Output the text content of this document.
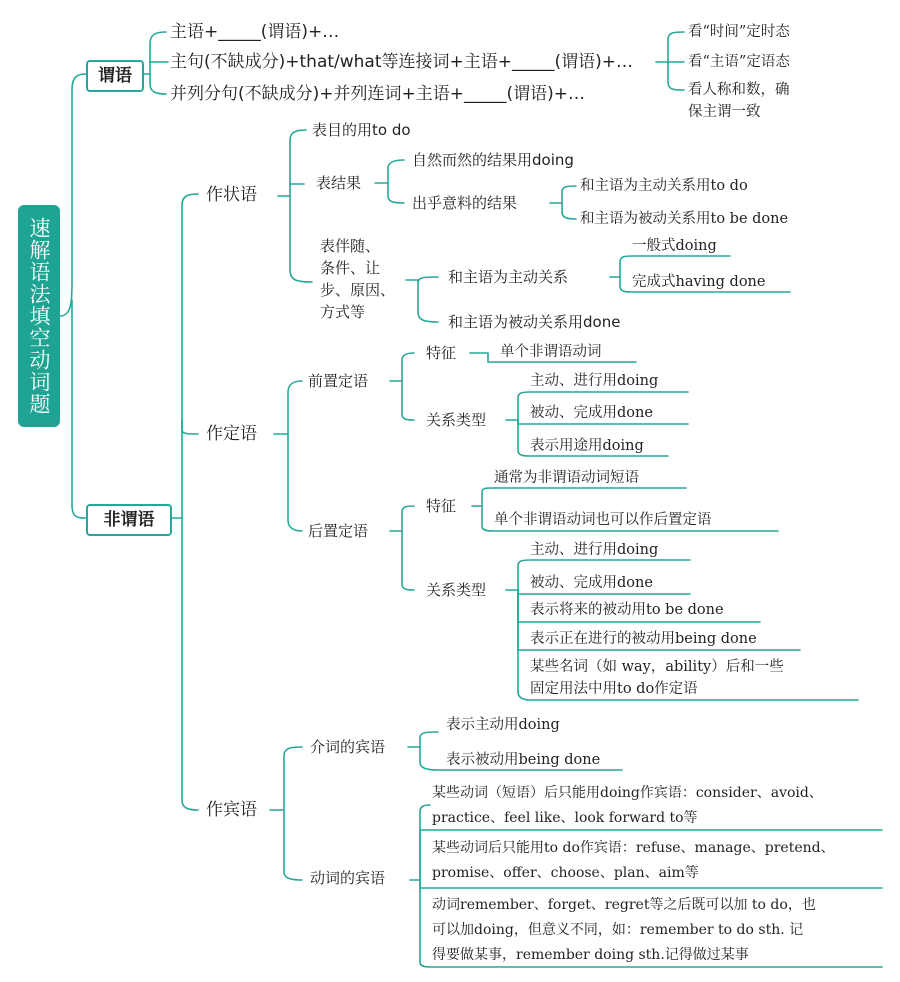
速解语法填空动词题
谓语
主语+_____(谓语)+…
主句(不缺成分)+that/what等连接词+主语+_____(谓语)+…
并列分句(不缺成分)+并列连词+主语+_____(谓语)+…
看“时间”定时态
看“主语”定语态
看人称和数，确
保主谓一致
非谓语
作状语
表目的用to do
表结果
自然而然的结果用doing
出乎意料的结果
和主语为主动关系用to do
和主语为被动关系用to be done
表伴随、
条件、让
步、原因、
方式等
和主语为主动关系
一般式doing
完成式having done
和主语为被动关系用done
作定语
前置定语
特征	单个非谓语动词
关系类型
主动、进行用doing
被动、完成用done
表示用途用doing
后置定语
特征
通常为非谓语动词短语
单个非谓语动词也可以作后置定语
关系类型
主动、进行用doing
被动、完成用done
表示将来的被动用to be done
表示正在进行的被动用being done
某些名词（如 way，ability）后和一些
固定用法中用to do作定语
作宾语
介词的宾语
表示主动用doing
表示被动用being done
动词的宾语
某些动词（短语）后只能用doing作宾语：consider、avoid、
practice、feel like、look forward to等
某些动词后只能用to do作宾语：refuse、manage、pretend、
promise、offer、choose、plan、aim等
动词remember、forget、regret等之后既可以加 to do，也
可以加doing，但意义不同，如：remember to do sth. 记
得要做某事，remember doing sth.记得做过某事
